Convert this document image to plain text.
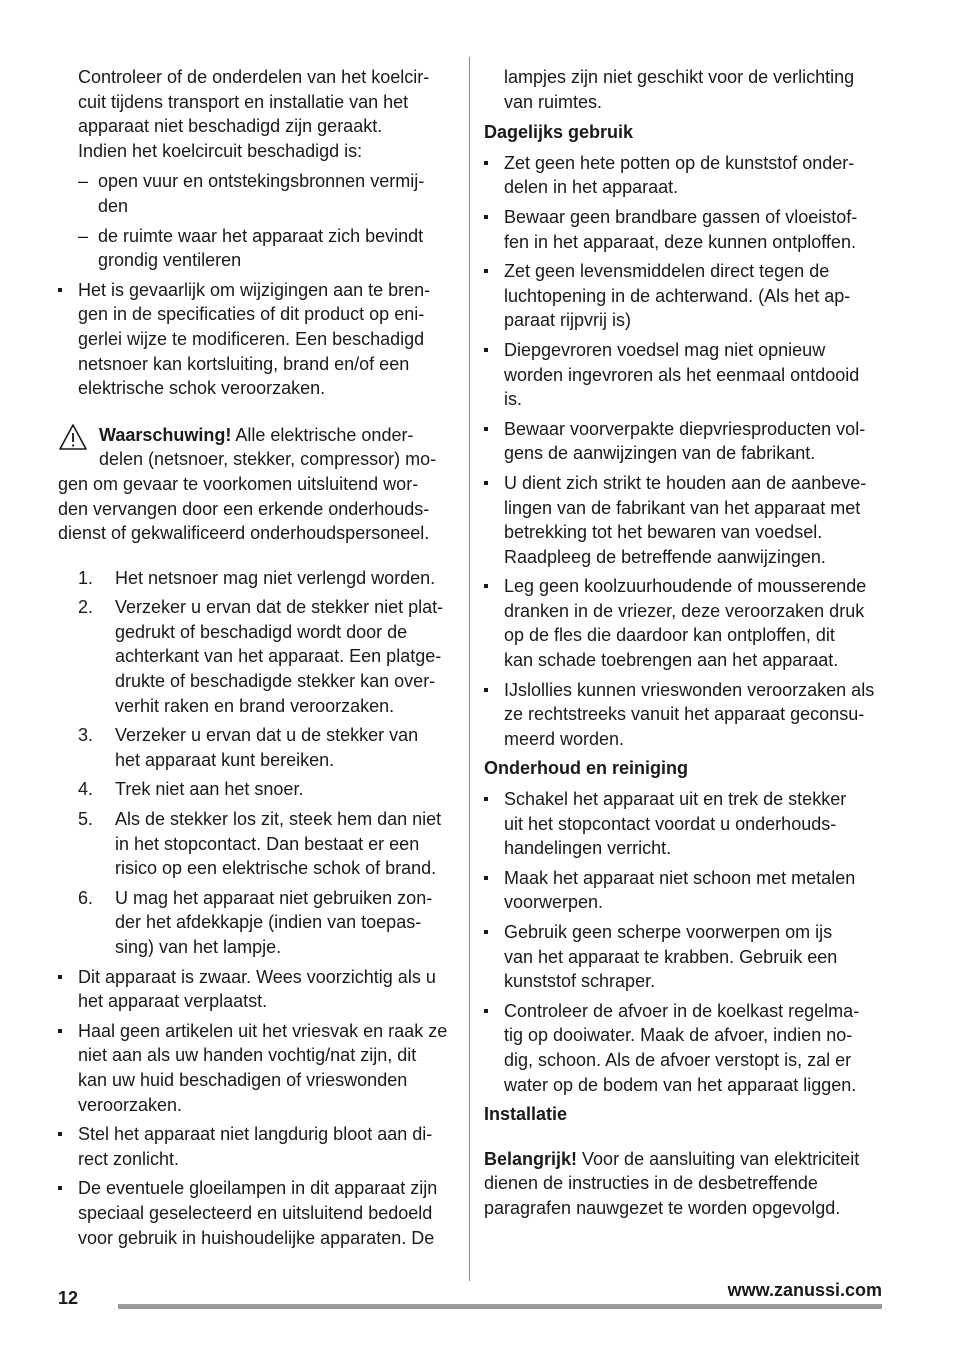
Controleer of de onderdelen van het koelcir-
cuit tijdens transport en installatie van het
apparaat niet beschadigd zijn geraakt.
Indien het koelcircuit beschadigd is:
– open vuur en ontstekingsbronnen vermij-
den
– de ruimte waar het apparaat zich bevindt
grondig ventileren
Het is gevaarlijk om wijzigingen aan te bren-
gen in de specificaties of dit product op eni-
gerlei wijze te modificeren. Een beschadigd
netsnoer kan kortsluiting, brand en/of een
elektrische schok veroorzaken.
Waarschuwing! Alle elektrische onder-
delen (netsnoer, stekker, compressor) mo-
gen om gevaar te voorkomen uitsluitend wor-
den vervangen door een erkende onderhouds-
dienst of gekwalificeerd onderhoudspersoneel.
1. Het netsnoer mag niet verlengd worden.
2. Verzeker u ervan dat de stekker niet plat-
gedrukt of beschadigd wordt door de
achterkant van het apparaat. Een platge-
drukte of beschadigde stekker kan over-
verhit raken en brand veroorzaken.
3. Verzeker u ervan dat u de stekker van
het apparaat kunt bereiken.
4. Trek niet aan het snoer.
5. Als de stekker los zit, steek hem dan niet
in het stopcontact. Dan bestaat er een
risico op een elektrische schok of brand.
6. U mag het apparaat niet gebruiken zon-
der het afdekkapje (indien van toepas-
sing) van het lampje.
Dit apparaat is zwaar. Wees voorzichtig als u
het apparaat verplaatst.
Haal geen artikelen uit het vriesvak en raak ze
niet aan als uw handen vochtig/nat zijn, dit
kan uw huid beschadigen of vrieswonden
veroorzaken.
Stel het apparaat niet langdurig bloot aan di-
rect zonlicht.
De eventuele gloeilampen in dit apparaat zijn
speciaal geselecteerd en uitsluitend bedoeld
voor gebruik in huishoudelijke apparaten. De
lampjes zijn niet geschikt voor de verlichting
van ruimtes.
Dagelijks gebruik
Zet geen hete potten op de kunststof onder-
delen in het apparaat.
Bewaar geen brandbare gassen of vloeistof-
fen in het apparaat, deze kunnen ontploffen.
Zet geen levensmiddelen direct tegen de
luchtopening in de achterwand. (Als het ap-
paraat rijpvrij is)
Diepgevroren voedsel mag niet opnieuw
worden ingevroren als het eenmaal ontdooid
is.
Bewaar voorverpakte diepvriesproducten vol-
gens de aanwijzingen van de fabrikant.
U dient zich strikt te houden aan de aanbeve-
lingen van de fabrikant van het apparaat met
betrekking tot het bewaren van voedsel.
Raadpleeg de betreffende aanwijzingen.
Leg geen koolzuurhoudende of mousserende
dranken in de vriezer, deze veroorzaken druk
op de fles die daardoor kan ontploffen, dit
kan schade toebrengen aan het apparaat.
IJslollies kunnen vrieswonden veroorzaken als
ze rechtstreeks vanuit het apparaat geconsu-
meerd worden.
Onderhoud en reiniging
Schakel het apparaat uit en trek de stekker
uit het stopcontact voordat u onderhouds-
handelingen verricht.
Maak het apparaat niet schoon met metalen
voorwerpen.
Gebruik geen scherpe voorwerpen om ijs
van het apparaat te krabben. Gebruik een
kunststof schraper.
Controleer de afvoer in de koelkast regelma-
tig op dooiwater. Maak de afvoer, indien no-
dig, schoon. Als de afvoer verstopt is, zal er
water op de bodem van het apparaat liggen.
Installatie
Belangrijk! Voor de aansluiting van elektriciteit
dienen de instructies in de desbetreffende
paragrafen nauwgezet te worden opgevolgd.
12	www.zanussi.com
